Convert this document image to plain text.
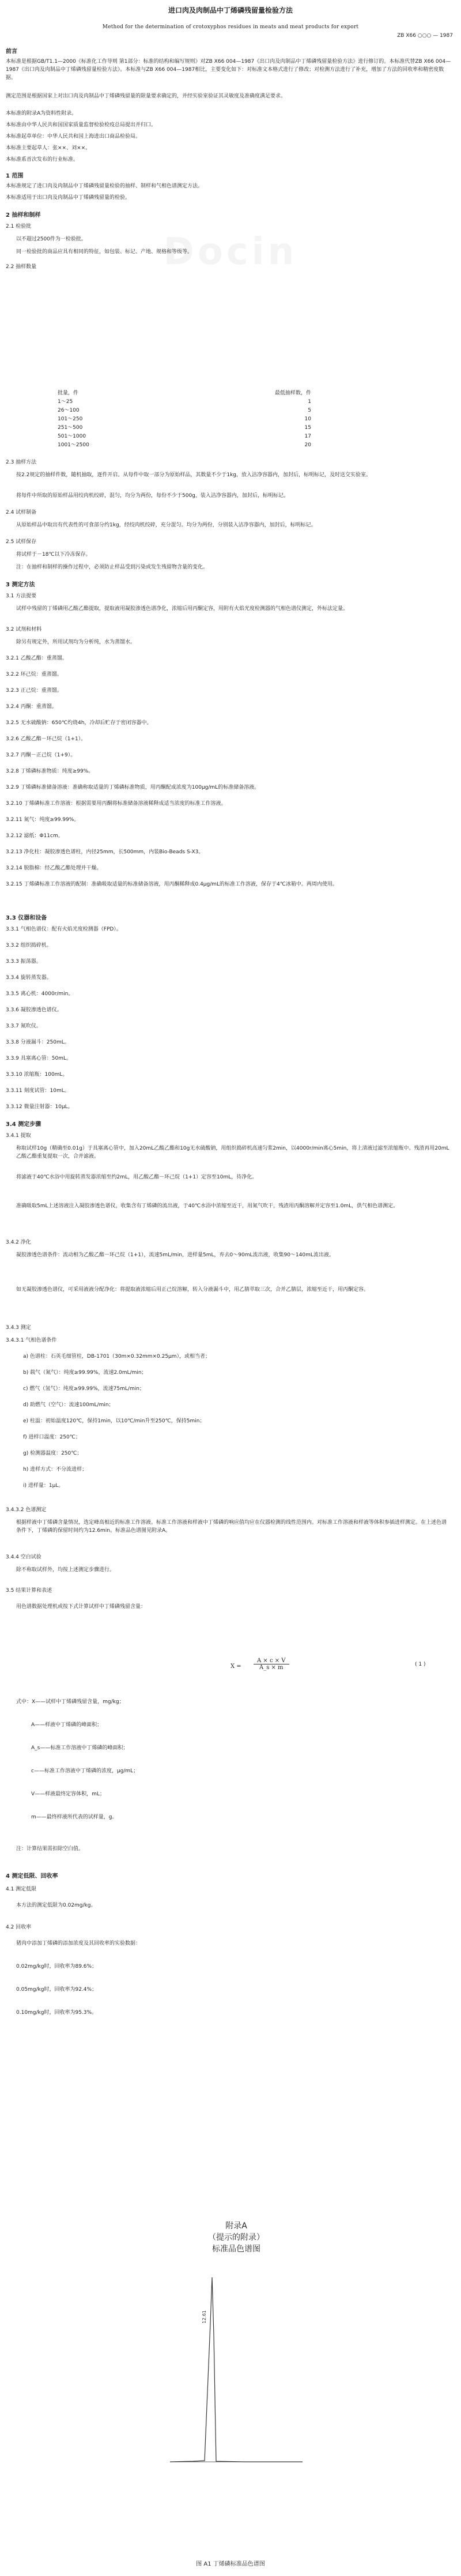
Docin
进口肉及肉制品中丁烯磷残留量检验方法
Method for the determination of crotoxyphos residues in meats and meat products for export
ZB X66 ○○○ — 1987
前言
本标准是根据GB/T1.1—2000《标准化工作导则 第1部分：标准的结构和编写规则》对ZB X66 004—1987《出口肉及肉制品中丁烯磷残留量检验方法》进行修订的。本标准代替ZB X66 004—1987《出口肉及肉制品中丁烯磷残留量检验方法》。本标准与ZB X66 004—1987相比，主要变化如下：对标准文本格式进行了修改；对检测方法进行了补充，增加了方法的回收率和精密度数据。
测定范围是根据国家上对出口肉及肉制品中丁烯磷残留量的限量要求确定的，并经实验室验证其灵敏度及准确度满足要求。
本标准的附录A为资料性附录。
本标准由中华人民共和国国家质量监督检验检疫总局提出并归口。
本标准起草单位：中华人民共和国上海进出口商品检验局。
本标准主要起草人：张××、刘××。
本标准系首次发布的行业标准。
1 范围
本标准规定了进口肉及肉制品中丁烯磷残留量检验的抽样、制样和气相色谱测定方法。
本标准适用于出口肉及肉制品中丁烯磷残留量的检验。
2 抽样和制样
2.1 检验批
以不超过2500件为一检验批。
同一检验批的商品应具有相同的特征，如包装、标记、产地、规格和等级等。
2.2 抽样数量
批量，件	最低抽样数，件
1～25	1
26～100	5
101～250	10
251～500	15
501～1000	17
1001～2500	20
2.3 抽样方法
按2.2规定的抽样件数，随机抽取，逐件开启。从每件中取一部分为原始样品，其数量不少于1kg，放入洁净容器内，加封后，标明标记，及时送交实验室。
将每件中所取的原始样品用绞肉机绞碎，混匀，均分为两份，每份不少于500g，装入洁净容器内，加封后，标明标记。
2.4 试样制备
从原始样品中取出有代表性的可食部分约1kg，经绞肉机绞碎，充分混匀。均分为两份，分别装入洁净容器内，加封后，标明标记。
2.5 试样保存
将试样于－18℃以下冷冻保存。
注：在抽样和制样的操作过程中，必须防止样品受到污染或发生残留物含量的变化。
3 测定方法
3.1 方法提要
试样中残留的丁烯磷用乙酸乙酯提取，提取液用凝胶渗透色谱净化，浓缩后用丙酮定容，用附有火焰光度检测器的气相色谱仪测定，外标法定量。
3.2 试剂和材料
除另有规定外，所用试剂均为分析纯，水为蒸馏水。
3.2.1 乙酸乙酯：重蒸馏。
3.2.2 环己烷：重蒸馏。
3.2.3 正己烷：重蒸馏。
3.2.4 丙酮：重蒸馏。
3.2.5 无水硫酸钠：650℃灼烧4h，冷却后贮存于密闭容器中。
3.2.6 乙酸乙酯－环己烷（1+1）。
3.2.7 丙酮－正己烷（1+9）。
3.2.8 丁烯磷标准物质：纯度≥99%。
3.2.9 丁烯磷标准储备溶液：准确称取适量的丁烯磷标准物质，用丙酮配成浓度为100μg/mL的标准储备溶液。
3.2.10 丁烯磷标准工作溶液：根据需要用丙酮将标准储备溶液稀释成适当浓度的标准工作溶液。
3.2.11 氮气：纯度≥99.99%。
3.2.12 滤纸：Φ11cm。
3.2.13 净化柱：凝胶渗透色谱柱，内径25mm，长500mm，内装Bio-Beads S-X3。
3.2.14 脱脂棉：经乙酸乙酯处理并干燥。
3.2.15 丁烯磷标准工作溶液的配制：准确吸取适量的标准储备溶液，用丙酮稀释成0.4μg/mL的标准工作溶液，保存于4℃冰箱中。两周内使用。
3.3 仪器和设备
3.3.1 气相色谱仪：配有火焰光度检测器（FPD）。
3.3.2 组织捣碎机。
3.3.3 振荡器。
3.3.4 旋转蒸发器。
3.3.5 离心机：4000r/min。
3.3.6 凝胶渗透色谱仪。
3.3.7 氮吹仪。
3.3.8 分液漏斗：250mL。
3.3.9 具塞离心管：50mL。
3.3.10 浓缩瓶：100mL。
3.3.11 刻度试管：10mL。
3.3.12 微量注射器：10μL。
3.4 测定步骤
3.4.1 提取
称取试样10g（精确至0.01g）于具塞离心管中，加入20mL乙酸乙酯和10g无水硫酸钠，用组织捣碎机高速匀浆2min，以4000r/min离心5min，将上清液过滤至浓缩瓶中。残渣再用20mL乙酸乙酯重复提取一次，合并滤液。
将滤液于40℃水浴中用旋转蒸发器浓缩至约2mL，用乙酸乙酯－环己烷（1+1）定容至10mL，待净化。
准确吸取5mL上述溶液注入凝胶渗透色谱仪，收集含有丁烯磷的流出液，于40℃水浴中浓缩至近干，用氮气吹干，残渣用丙酮溶解并定容至1.0mL，供气相色谱测定。
3.4.2 净化
凝胶渗透色谱条件：流动相为乙酸乙酯－环己烷（1+1），流速5mL/min，进样量5mL，弃去0～90mL流出液，收集90～140mL流出液。
如无凝胶渗透色谱仪，可采用液液分配净化：将提取液浓缩后用正己烷溶解，转入分液漏斗中，用乙腈萃取三次，合并乙腈层，浓缩至近干，用丙酮定容。
3.4.3 测定
3.4.3.1 气相色谱条件
a) 色谱柱：石英毛细管柱，DB-1701（30m×0.32mm×0.25μm），或相当者；
b) 载气（氮气）：纯度≥99.99%，流速2.0mL/min；
c) 燃气（氢气）：纯度≥99.99%，流速75mL/min；
d) 助燃气（空气）：流速100mL/min；
e) 柱温：初始温度120℃，保持1min，以10℃/min升至250℃，保持5min；
f) 进样口温度：250℃；
g) 检测器温度：250℃；
h) 进样方式：不分流进样；
i) 进样量：1μL。
3.4.3.2 色谱测定
根据样液中丁烯磷含量情况，选定峰高相近的标准工作溶液。标准工作溶液和样液中丁烯磷的响应值均应在仪器检测的线性范围内。对标准工作溶液和样液等体积参插进样测定。在上述色谱条件下，丁烯磷的保留时间约为12.6min。标准品色谱图见附录A。
3.4.4 空白试验
除不称取试样外，均按上述测定步骤进行。
3.5 结果计算和表述
用色谱数据处理机或按下式计算试样中丁烯磷残留含量：
X =
A × c × V
A_s × m	( 1 )
式中：X——试样中丁烯磷残留含量，mg/kg；
A——样液中丁烯磷的峰面积；
A_s——标准工作溶液中丁烯磷的峰面积；
c——标准工作溶液中丁烯磷的浓度，μg/mL；
V——样液最终定容体积，mL；
m——最终样液所代表的试样量，g。
注：计算结果需扣除空白值。
4 测定低限、回收率
4.1 测定低限
本方法的测定低限为0.02mg/kg。
4.2 回收率
猪肉中添加丁烯磷的添加浓度及其回收率的实验数据：
0.02mg/kg时，回收率为89.6%；
0.05mg/kg时，回收率为92.4%；
0.10mg/kg时，回收率为95.3%。
附录A
（提示的附录）
标准品色谱图
12.61
图 A1 丁烯磷标准品色谱图
